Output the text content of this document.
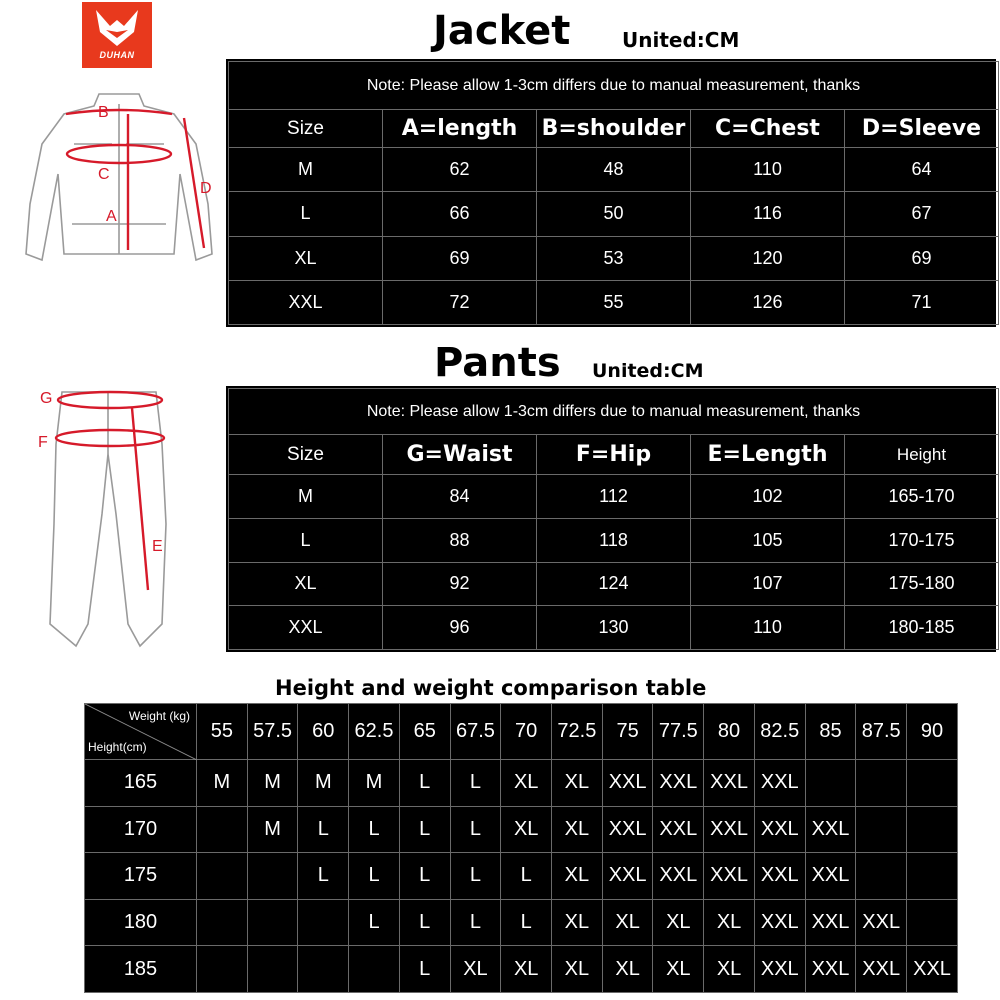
DUHAN
B
C
A
D
Jacket	United:CM
Note: Please allow 1-3cm differs due to manual measurement, thanks				
Size	A=length	B=shoulder	C=Chest	D=Sleeve
M	62	48	110	64
L	66	50	116	67
XL	69	53	120	69
XXL	72	55	126	71
G
F
E
Pants United:CM
Note: Please allow 1-3cm differs due to manual measurement, thanks				
Size	G=Waist	F=Hip	E=Length	Height
M	84	112	102	165-170
L	88	118	105	170-175
XL	92	124	107	175-180
XXL	96	130	110	180-185
Height and weight comparison table
Weight (kg)
Height(cm)	55	57.5	60	62.5	65	67.5	70	72.5	75	77.5	80	82.5	85	87.5	90
165	M	M	M	M	L	L	XL	XL	XXL	XXL	XXL	XXL			
170		M	L	L	L	L	XL	XL	XXL	XXL	XXL	XXL	XXL		
175			L	L	L	L	L	XL	XXL	XXL	XXL	XXL	XXL		
180				L	L	L	L	XL	XL	XL	XL	XXL	XXL	XXL	
185					L	XL	XL	XL	XL	XL	XL	XXL	XXL	XXL	XXL
